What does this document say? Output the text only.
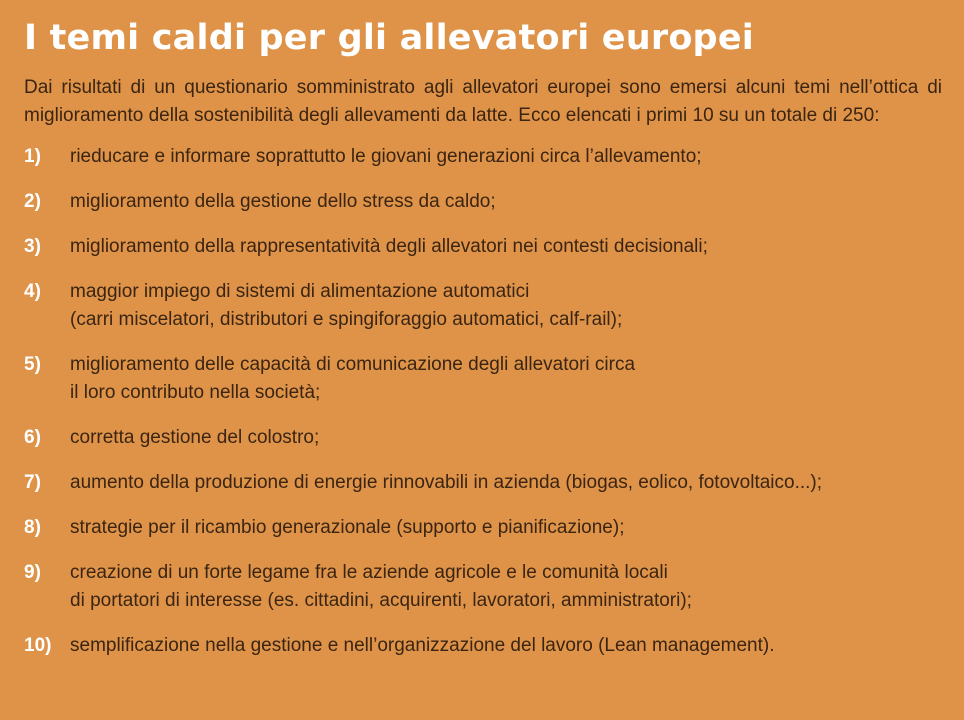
I temi caldi per gli allevatori europei
Dai risultati di un questionario somministrato agli allevatori europei sono emersi alcuni temi nell’ottica di miglioramento della sostenibilità degli allevamenti da latte. Ecco elencati i primi 10 su un totale di 250:
1)	rieducare e informare soprattutto le giovani generazioni circa l’allevamento;
2)	miglioramento della gestione dello stress da caldo;
3)	miglioramento della rappresentatività degli allevatori nei contesti decisionali;
4)	maggior impiego di sistemi di alimentazione automatici
(carri miscelatori, distributori e spingiforaggio automatici, calf-rail);
5)	miglioramento delle capacità di comunicazione degli allevatori circa
il loro contributo nella società;
6)	corretta gestione del colostro;
7)	aumento della produzione di energie rinnovabili in azienda (biogas, eolico, fotovoltaico...);
8)	strategie per il ricambio generazionale (supporto e pianificazione);
9)	creazione di un forte legame fra le aziende agricole e le comunità locali
di portatori di interesse (es. cittadini, acquirenti, lavoratori, amministratori);
10) semplificazione nella gestione e nell’organizzazione del lavoro (Lean management).
